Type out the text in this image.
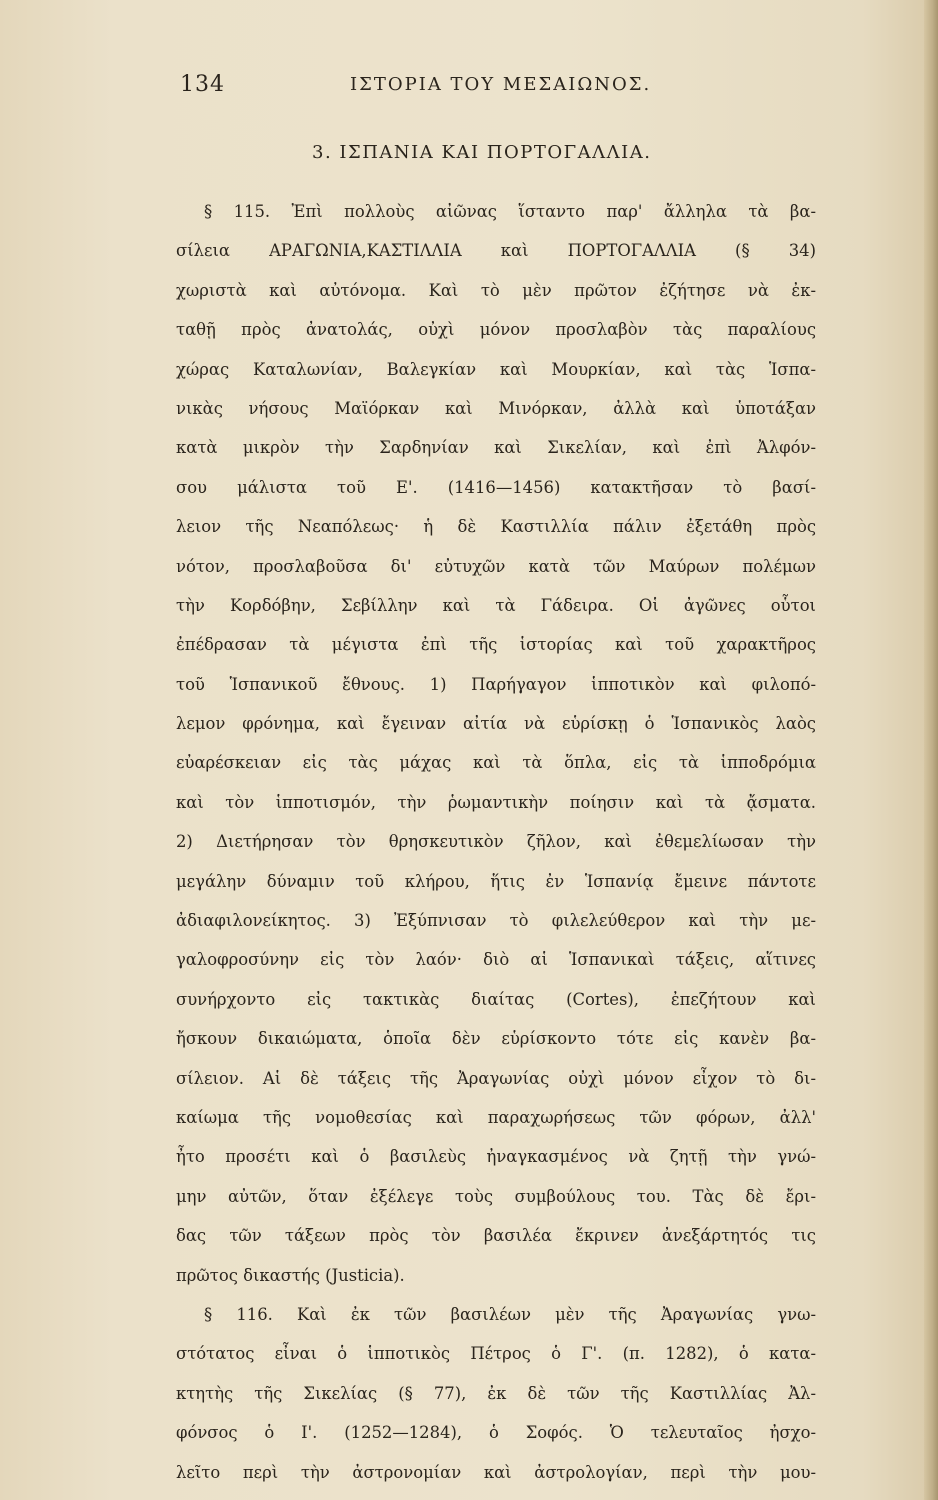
134	ΙΣΤΟΡΙΑ ΤΟΥ ΜΕΣΑΙΩΝΟΣ.
3. ΙΣΠΑΝΙΑ ΚΑΙ ΠΟΡΤΟΓΑΛΛΙΑ.
§ 115. Ἐπὶ πολλοὺς αἰῶνας ἵσταντο παρ' ἄλληλα τὰ βα-
σίλεια ΑΡΑΓΩΝΙΑ,ΚΑΣΤΙΛΛΙΑ καὶ ΠΟΡΤΟΓΑΛΛΙΑ (§ 34)
χωριστὰ καὶ αὐτόνομα. Καὶ τὸ μὲν πρῶτον ἐζήτησε νὰ ἐκ-
ταθῇ πρὸς ἀνατολάς, οὐχὶ μόνον προσλαβὸν τὰς παραλίους
χώρας Καταλωνίαν, Βαλεγκίαν καὶ Μουρκίαν, καὶ τὰς Ἱσπα-
νικὰς νήσους Μαϊόρκαν καὶ Μινόρκαν, ἀλλὰ καὶ ὑποτάξαν
κατὰ μικρὸν τὴν Σαρδηνίαν καὶ Σικελίαν, καὶ ἐπὶ Ἀλφόν-
σου μάλιστα τοῦ Ε'. (1416—1456) κατακτῆσαν τὸ βασί-
λειον τῆς Νεαπόλεως· ἡ δὲ Καστιλλία πάλιν ἐξετάθη πρὸς
νότον, προσλαβοῦσα δι' εὐτυχῶν κατὰ τῶν Μαύρων πολέμων
τὴν Κορδόβην, Σεβίλλην καὶ τὰ Γάδειρα. Οἱ ἀγῶνες οὗτοι
ἐπέδρασαν τὰ μέγιστα ἐπὶ τῆς ἱστορίας καὶ τοῦ χαρακτῆρος
τοῦ Ἱσπανικοῦ ἔθνους. 1) Παρήγαγον ἱπποτικὸν καὶ φιλοπό-
λεμον φρόνημα, καὶ ἔγειναν αἰτία νὰ εὑρίσκῃ ὁ Ἱσπανικὸς λαὸς
εὐαρέσκειαν εἰς τὰς μάχας καὶ τὰ ὅπλα, εἰς τὰ ἱπποδρόμια
καὶ τὸν ἱπποτισμόν, τὴν ῥωμαντικὴν ποίησιν καὶ τὰ ᾄσματα.
2) Διετήρησαν τὸν θρησκευτικὸν ζῆλον, καὶ ἐθεμελίωσαν τὴν
μεγάλην δύναμιν τοῦ κλήρου, ἥτις ἐν Ἱσπανίᾳ ἔμεινε πάντοτε
ἀδιαφιλονείκητος. 3) Ἐξύπνισαν τὸ φιλελεύθερον καὶ τὴν με-
γαλοφροσύνην εἰς τὸν λαόν· διὸ αἱ Ἱσπανικαὶ τάξεις, αἵτινες
συνήρχοντο εἰς τακτικὰς διαίτας (Cortes), ἐπεζήτουν καὶ
ἤσκουν δικαιώματα, ὁποῖα δὲν εὑρίσκοντο τότε εἰς κανὲν βα-
σίλειον. Αἱ δὲ τάξεις τῆς Ἀραγωνίας οὐχὶ μόνον εἶχον τὸ δι-
καίωμα τῆς νομοθεσίας καὶ παραχωρήσεως τῶν φόρων, ἀλλ'
ἦτο προσέτι καὶ ὁ βασιλεὺς ἠναγκασμένος νὰ ζητῇ τὴν γνώ-
μην αὐτῶν, ὅταν ἐξέλεγε τοὺς συμβούλους του. Τὰς δὲ ἔρι-
δας τῶν τάξεων πρὸς τὸν βασιλέα ἔκρινεν ἀνεξάρτητός τις
πρῶτος δικαστής (Justicia).
§ 116. Καὶ ἐκ τῶν βασιλέων μὲν τῆς Ἀραγωνίας γνω-
στότατος εἶναι ὁ ἱπποτικὸς Πέτρος ὁ Γ'. (π. 1282), ὁ κατα-
κτητὴς τῆς Σικελίας (§ 77), ἐκ δὲ τῶν τῆς Καστιλλίας Ἀλ-
φόνσος ὁ Ι'. (1252—1284), ὁ Σοφός. Ὁ τελευταῖος ἠσχο-
λεῖτο περὶ τὴν ἀστρονομίαν καὶ ἀστρολογίαν, περὶ τὴν μου-
